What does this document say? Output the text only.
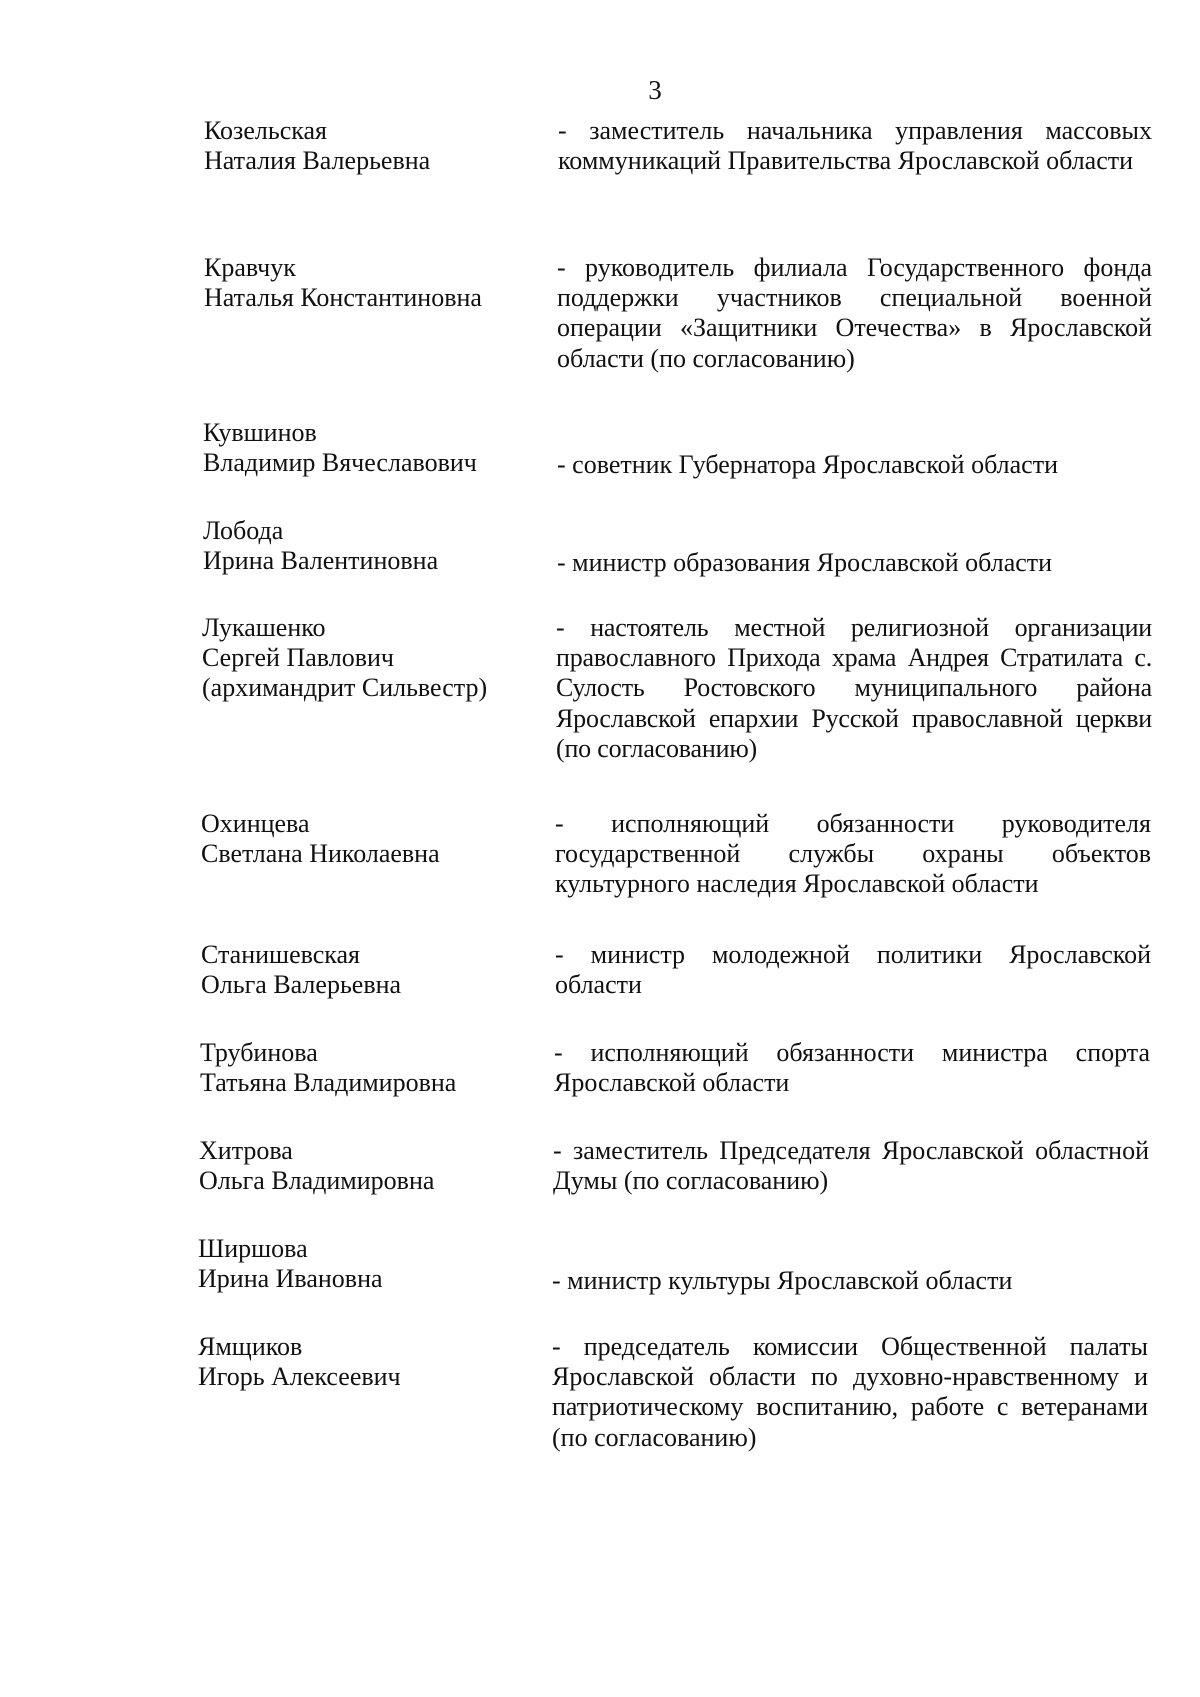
3
Козельская
Наталия Валерьевна
- заместитель начальника управления массовых коммуникаций Правительства Ярославской области
Кравчук
Наталья Константиновна
- руководитель филиала Государственного фонда поддержки участников специальной военной операции «Защитники Отечества» в Ярославской области (по согласованию)
Кувшинов
Владимир Вячеславович	- советник Губернатора Ярославской области
Лобода
Ирина Валентиновна	- министр образования Ярославской области
Лукашенко
Сергей Павлович
(архимандрит Сильвестр)
- настоятель местной религиозной организации православного Прихода храма Андрея Стратилата с. Сулость Ростовского муниципального района Ярославской епархии Русской православной церкви (по согласованию)
Охинцева
Светлана Николаевна
- исполняющий обязанности руководителя государственной службы охраны объектов культурного наследия Ярославской области
Станишевская
Ольга Валерьевна
- министр молодежной политики Ярославской области
Трубинова
Татьяна Владимировна
- исполняющий обязанности министра спорта Ярославской области
Хитрова
Ольга Владимировна
- заместитель Председателя Ярославской областной Думы (по согласованию)
Ширшова
Ирина Ивановна	- министр культуры Ярославской области
Ямщиков
Игорь Алексеевич
- председатель комиссии Общественной палаты Ярославской области по духовно-нравственному и патриотическому воспитанию, работе с ветеранами (по согласованию)
